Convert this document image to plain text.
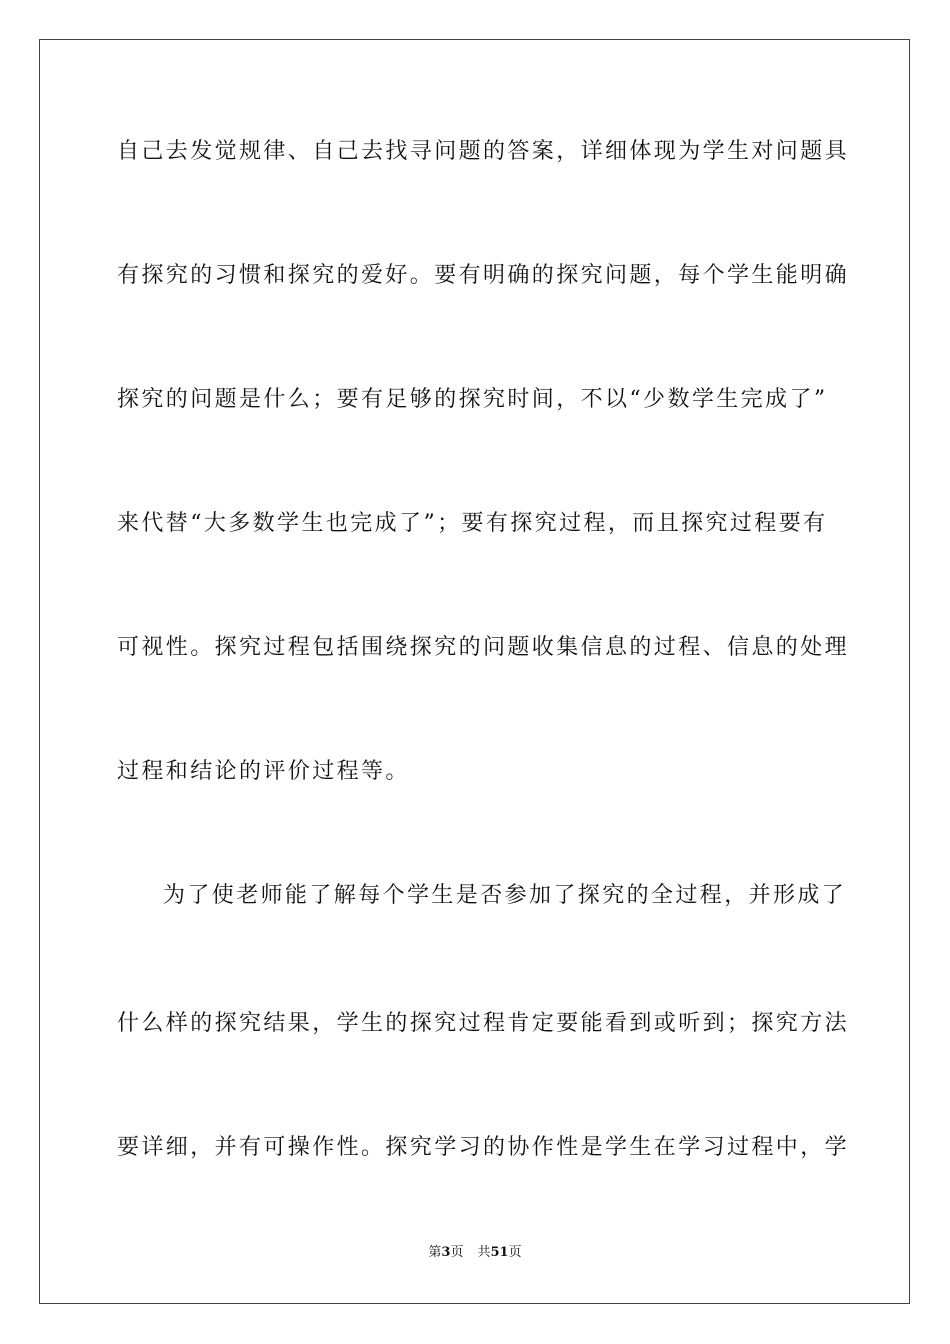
自己去发觉规律、自己去找寻问题的答案，详细体现为学生对问题具
有探究的习惯和探究的爱好。要有明确的探究问题，每个学生能明确
探究的问题是什么；要有足够的探究时间，不以“少数学生完成了”
来代替“大多数学生也完成了”；要有探究过程，而且探究过程要有
可视性。探究过程包括围绕探究的问题收集信息的过程、信息的处理
过程和结论的评价过程等。
为了使老师能了解每个学生是否参加了探究的全过程，并形成了
什么样的探究结果，学生的探究过程肯定要能看到或听到；探究方法
要详细，并有可操作性。探究学习的协作性是学生在学习过程中，学
第3页 共51页
